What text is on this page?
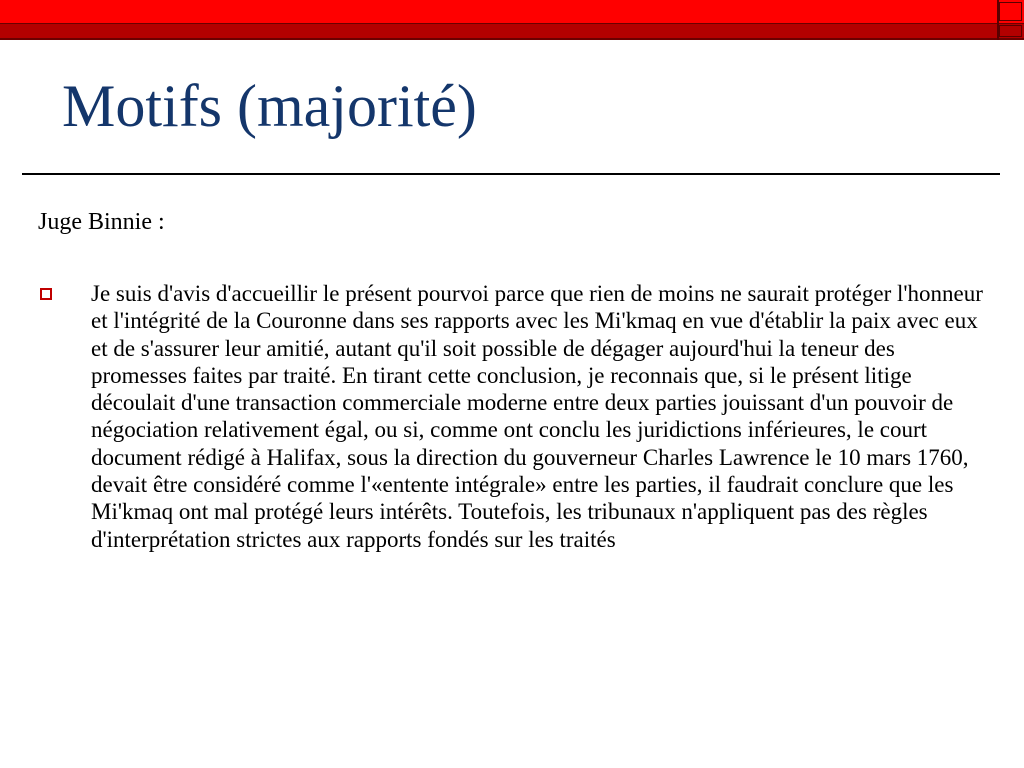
Motifs (majorité)
Juge Binnie :

Je suis d'avis d'accueillir le présent pourvoi parce que rien de moins ne saurait protéger l'honneur et l'intégrité de la Couronne dans ses rapports avec les Mi'kmaq en vue d'établir la paix avec eux et de s'assurer leur amitié, autant qu'il soit possible de dégager aujourd'hui la teneur des promesses faites par traité. En tirant cette conclusion, je reconnais que, si le présent litige découlait d'une transaction commerciale moderne entre deux parties jouissant d'un pouvoir de négociation relativement égal, ou si, comme ont conclu les juridictions inférieures, le court document rédigé à Halifax, sous la direction du gouverneur Charles Lawrence le 10 mars 1760, devait être considéré comme l'«entente intégrale» entre les parties, il faudrait conclure que les Mi'kmaq ont mal protégé leurs intérêts. Toutefois, les tribunaux n'appliquent pas des règles d'interprétation strictes aux rapports fondés sur les traités
